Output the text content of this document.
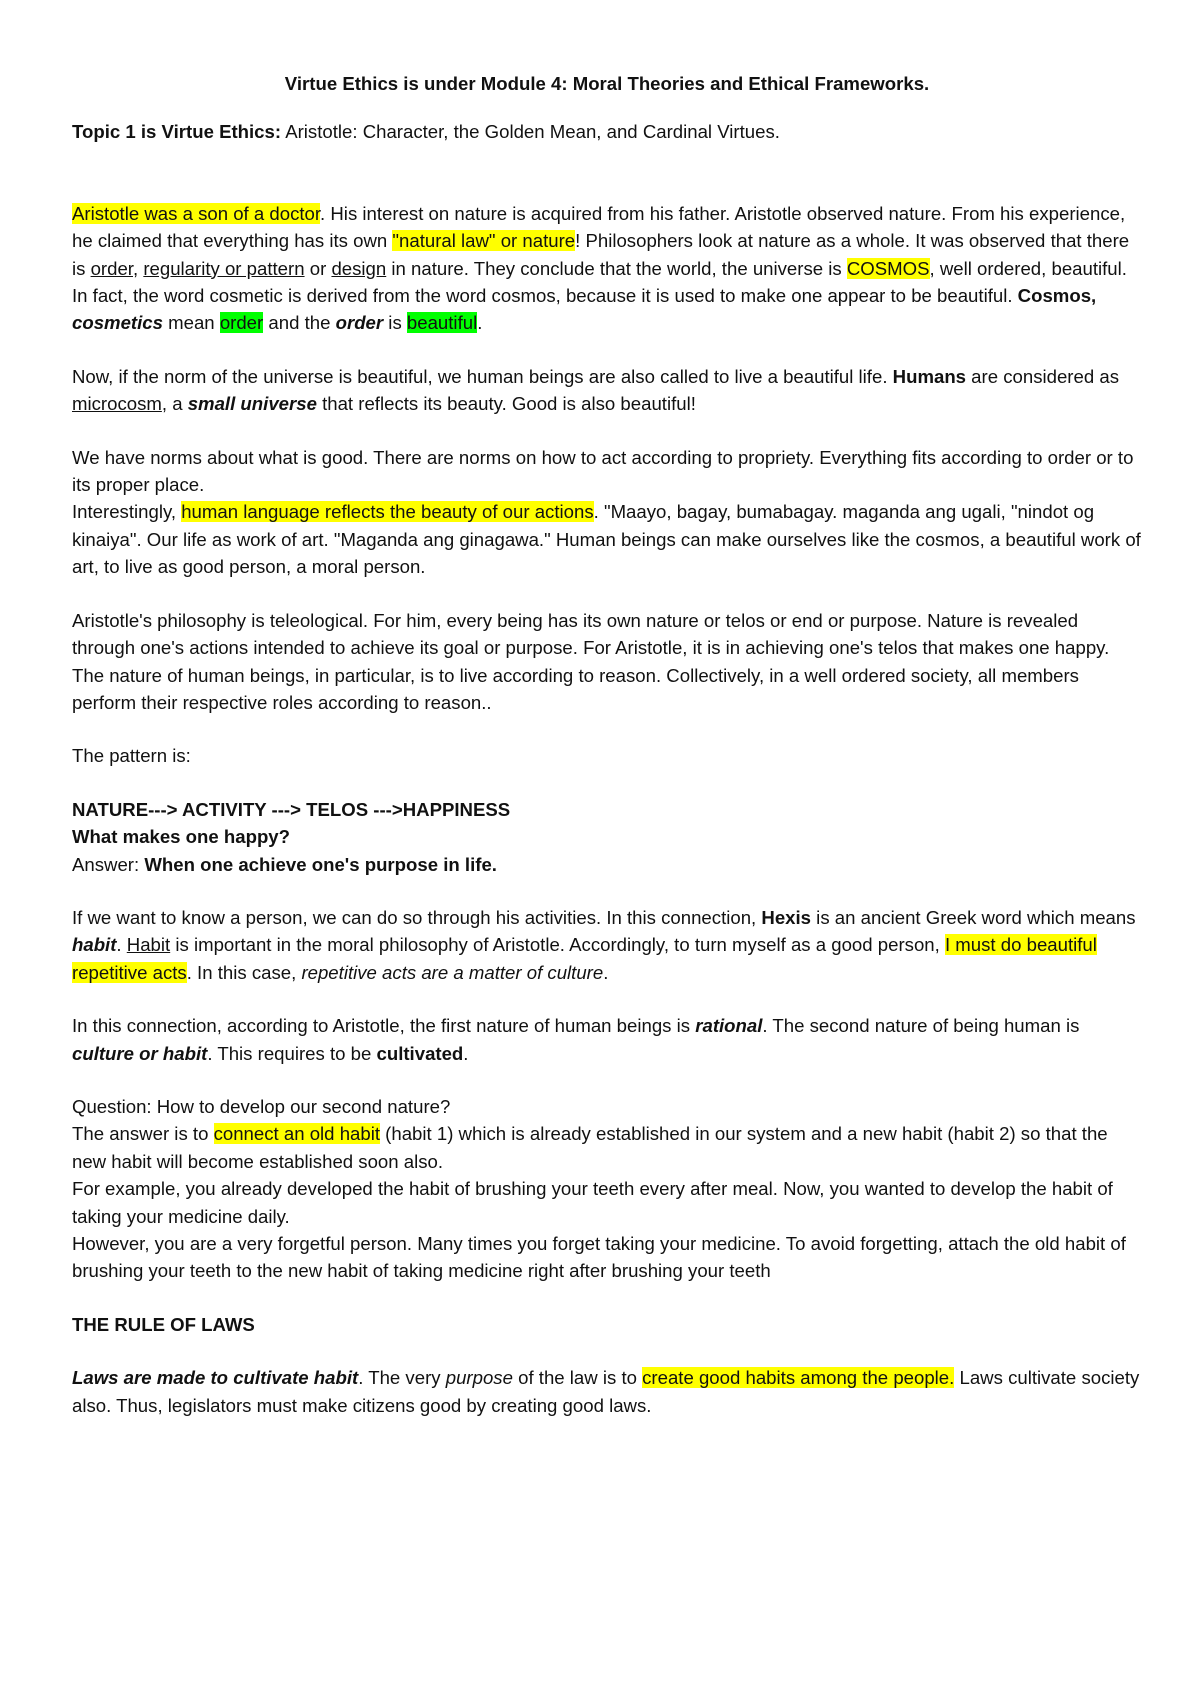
Virtue Ethics is under Module 4: Moral Theories and Ethical Frameworks.
Topic 1 is Virtue Ethics: Aristotle: Character, the Golden Mean, and Cardinal Virtues.
Aristotle was a son of a doctor. His interest on nature is acquired from his father. Aristotle observed nature. From his experience, he claimed that everything has its own "natural law" or nature! Philosophers look at nature as a whole. It was observed that there is order, regularity or pattern or design in nature. They conclude that the world, the universe is COSMOS, well ordered, beautiful. In fact, the word cosmetic is derived from the word cosmos, because it is used to make one appear to be beautiful. Cosmos, cosmetics mean order and the order is beautiful.
Now, if the norm of the universe is beautiful, we human beings are also called to live a beautiful life. Humans are considered as microcosm, a small universe that reflects its beauty. Good is also beautiful!
We have norms about what is good. There are norms on how to act according to propriety. Everything fits according to order or to its proper place.
Interestingly, human language reflects the beauty of our actions. "Maayo, bagay, bumabagay. maganda ang ugali, "nindot og kinaiya". Our life as work of art. "Maganda ang ginagawa." Human beings can make ourselves like the cosmos, a beautiful work of art, to live as good person, a moral person.
Aristotle's philosophy is teleological. For him, every being has its own nature or telos or end or purpose. Nature is revealed through one's actions intended to achieve its goal or purpose. For Aristotle, it is in achieving one's telos that makes one happy. The nature of human beings, in particular, is to live according to reason. Collectively, in a well ordered society, all members perform their respective roles according to reason..
The pattern is:
NATURE---> ACTIVITY ---> TELOS --->HAPPINESS
What makes one happy?
Answer: When one achieve one's purpose in life.
If we want to know a person, we can do so through his activities. In this connection, Hexis is an ancient Greek word which means habit. Habit is important in the moral philosophy of Aristotle. Accordingly, to turn myself as a good person, I must do beautiful repetitive acts. In this case, repetitive acts are a matter of culture.
In this connection, according to Aristotle, the first nature of human beings is rational. The second nature of being human is culture or habit. This requires to be cultivated.
Question: How to develop our second nature?
The answer is to connect an old habit (habit 1) which is already established in our system and a new habit (habit 2) so that the new habit will become established soon also.
For example, you already developed the habit of brushing your teeth every after meal. Now, you wanted to develop the habit of taking your medicine daily.
However, you are a very forgetful person. Many times you forget taking your medicine. To avoid forgetting, attach the old habit of brushing your teeth to the new habit of taking medicine right after brushing your teeth
THE RULE OF LAWS
Laws are made to cultivate habit. The very purpose of the law is to create good habits among the people. Laws cultivate society also. Thus, legislators must make citizens good by creating good laws.
